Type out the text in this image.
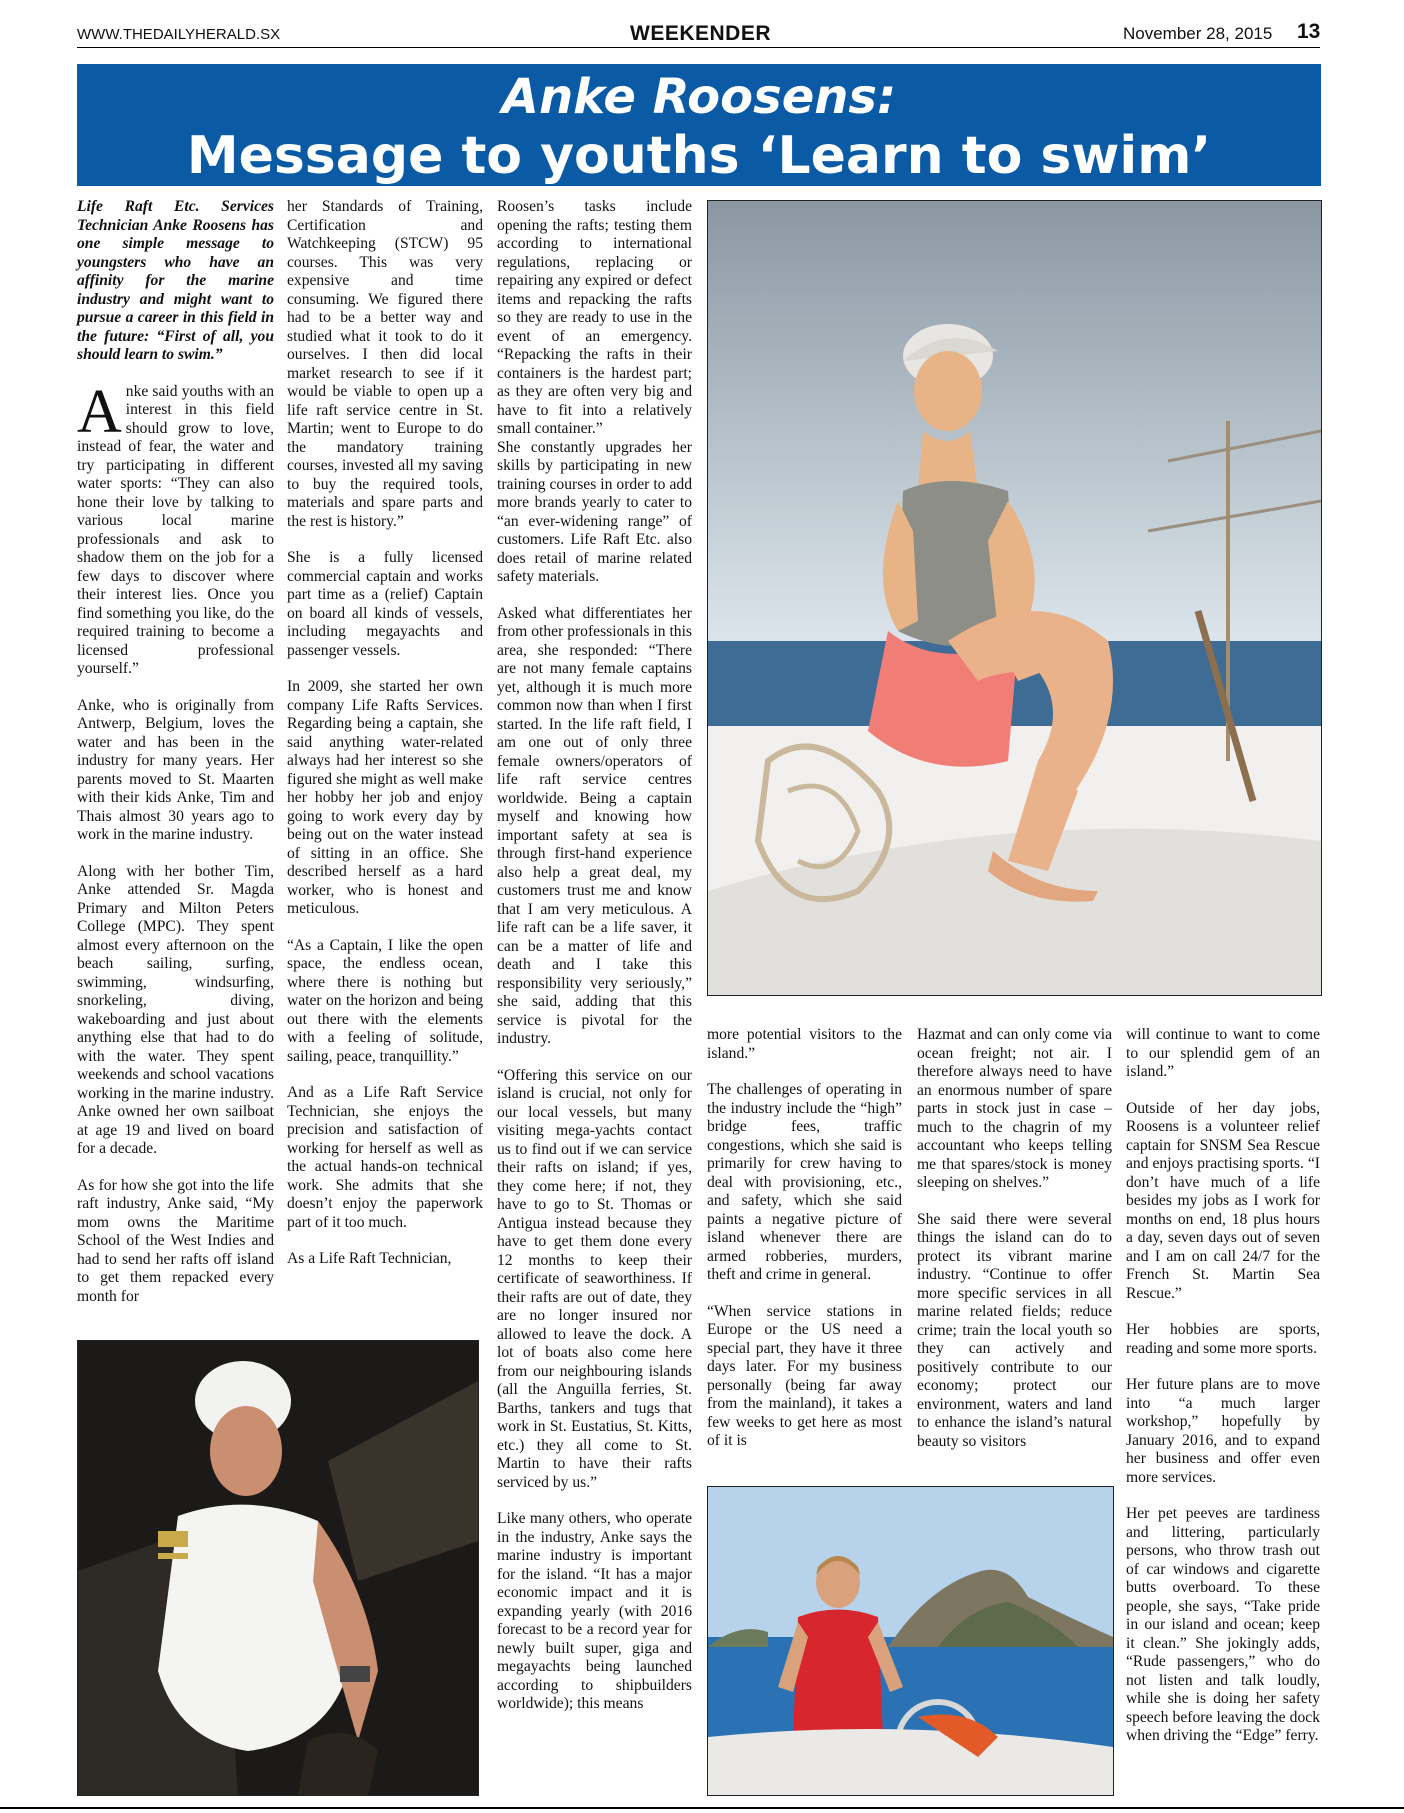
WWW.THEDAILYHERALD.SX	WEEKENDER	November 28, 2015 13
Anke Roosens:
Message to youths ‘Learn to swim’

Life Raft Etc. Services Technician Anke Roosens has one simple message to youngsters who have an affinity for the marine industry and might want to pursue a career in this field in the future: “First of all, you should learn to swim.”

Anke said youths with an interest in this field should grow to love, instead of fear, the water and try participating in different water sports: “They can also hone their love by talking to various local marine professionals and ask to shadow them on the job for a few days to discover where their interest lies. Once you find something you like, do the required training to become a licensed professional yourself.”

Anke, who is originally from Antwerp, Belgium, loves the water and has been in the industry for many years. Her parents moved to St. Maarten with their kids Anke, Tim and Thais almost 30 years ago to work in the marine industry.

Along with her bother Tim, Anke attended Sr. Magda Primary and Milton Peters College (MPC). They spent almost every afternoon on the beach sailing, surfing, swimming, windsurfing, snorkeling, diving, wakeboarding and just about anything else that had to do with the water. They spent weekends and school vacations working in the marine industry. Anke owned her own sailboat at age 19 and lived on board for a decade.

As for how she got into the life raft industry, Anke said, “My mom owns the Maritime School of the West Indies and had to send her rafts off island to get them repacked every month for

her Standards of Training, Certification and Watchkeeping (STCW) 95 courses. This was very expensive and time consuming. We figured there had to be a better way and studied what it took to do it ourselves. I then did local market research to see if it would be viable to open up a life raft service centre in St. Martin; went to Europe to do the mandatory training courses, invested all my saving to buy the required tools, materials and spare parts and the rest is history.”

She is a fully licensed commercial captain and works part time as a (relief) Captain on board all kinds of vessels, including megayachts and passenger vessels.

In 2009, she started her own company Life Rafts Services. Regarding being a captain, she said anything water-related always had her interest so she figured she might as well make her hobby her job and enjoy going to work every day by being out on the water instead of sitting in an office. She described herself as a hard worker, who is honest and meticulous.

“As a Captain, I like the open space, the endless ocean, where there is nothing but water on the horizon and being out there with the elements with a feeling of solitude, sailing, peace, tranquillity.”

And as a Life Raft Service Technician, she enjoys the precision and satisfaction of working for herself as well as the actual hands-on technical work. She admits that she doesn’t enjoy the paperwork part of it too much.

As a Life Raft Technician,

Roosen’s tasks include opening the rafts; testing them according to international regulations, replacing or repairing any expired or defect items and repacking the rafts so they are ready to use in the event of an emergency. “Repacking the rafts in their containers is the hardest part; as they are often very big and have to fit into a relatively small container.”

She constantly upgrades her skills by participating in new training courses in order to add more brands yearly to cater to “an ever-widening range” of customers. Life Raft Etc. also does retail of marine related safety materials.

Asked what differentiates her from other professionals in this area, she responded: “There are not many female captains yet, although it is much more common now than when I first started. In the life raft field, I am one out of only three female owners/operators of life raft service centres worldwide. Being a captain myself and knowing how important safety at sea is through first-hand experience also help a great deal, my customers trust me and know that I am very meticulous. A life raft can be a life saver, it can be a matter of life and death and I take this responsibility very seriously,” she said, adding that this service is pivotal for the industry.

“Offering this service on our island is crucial, not only for our local vessels, but many visiting mega-yachts contact us to find out if we can service their rafts on island; if yes, they come here; if not, they have to go to St. Thomas or Antigua instead because they have to get them done every 12 months to keep their certificate of seaworthiness. If their rafts are out of date, they are no longer insured nor allowed to leave the dock. A lot of boats also come here from our neighbouring islands (all the Anguilla ferries, St. Barths, tankers and tugs that work in St. Eustatius, St. Kitts, etc.) they all come to St. Martin to have their rafts serviced by us.”

Like many others, who operate in the industry, Anke says the marine industry is important for the island. “It has a major economic impact and it is expanding yearly (with 2016 forecast to be a record year for newly built super, giga and megayachts being launched according to shipbuilders worldwide); this means

more potential visitors to the island.”

The challenges of operating in the industry include the “high” bridge fees, traffic congestions, which she said is primarily for crew having to deal with provisioning, etc., and safety, which she said paints a negative picture of island whenever there are armed robberies, murders, theft and crime in general.

“When service stations in Europe or the US need a special part, they have it three days later. For my business personally (being far away from the mainland), it takes a few weeks to get here as most of it is

Hazmat and can only come via ocean freight; not air. I therefore always need to have an enormous number of spare parts in stock just in case – much to the chagrin of my accountant who keeps telling me that spares/stock is money sleeping on shelves.”

She said there were several things the island can do to protect its vibrant marine industry. “Continue to offer more specific services in all marine related fields; reduce crime; train the local youth so they can actively and positively contribute to our economy; protect our environment, waters and land to enhance the island’s natural beauty so visitors

will continue to want to come to our splendid gem of an island.”

Outside of her day jobs, Roosens is a volunteer relief captain for SNSM Sea Rescue and enjoys practising sports. “I don’t have much of a life besides my jobs as I work for months on end, 18 plus hours a day, seven days out of seven and I am on call 24/7 for the French St. Martin Sea Rescue.”

Her hobbies are sports, reading and some more sports.

Her future plans are to move into “a much larger workshop,” hopefully by January 2016, and to expand her business and offer even more services.

Her pet peeves are tardiness and littering, particularly persons, who throw trash out of car windows and cigarette butts overboard. To these people, she says, “Take pride in our island and ocean; keep it clean.” She jokingly adds, “Rude passengers,” who do not listen and talk loudly, while she is doing her safety speech before leaving the dock when driving the “Edge” ferry.
